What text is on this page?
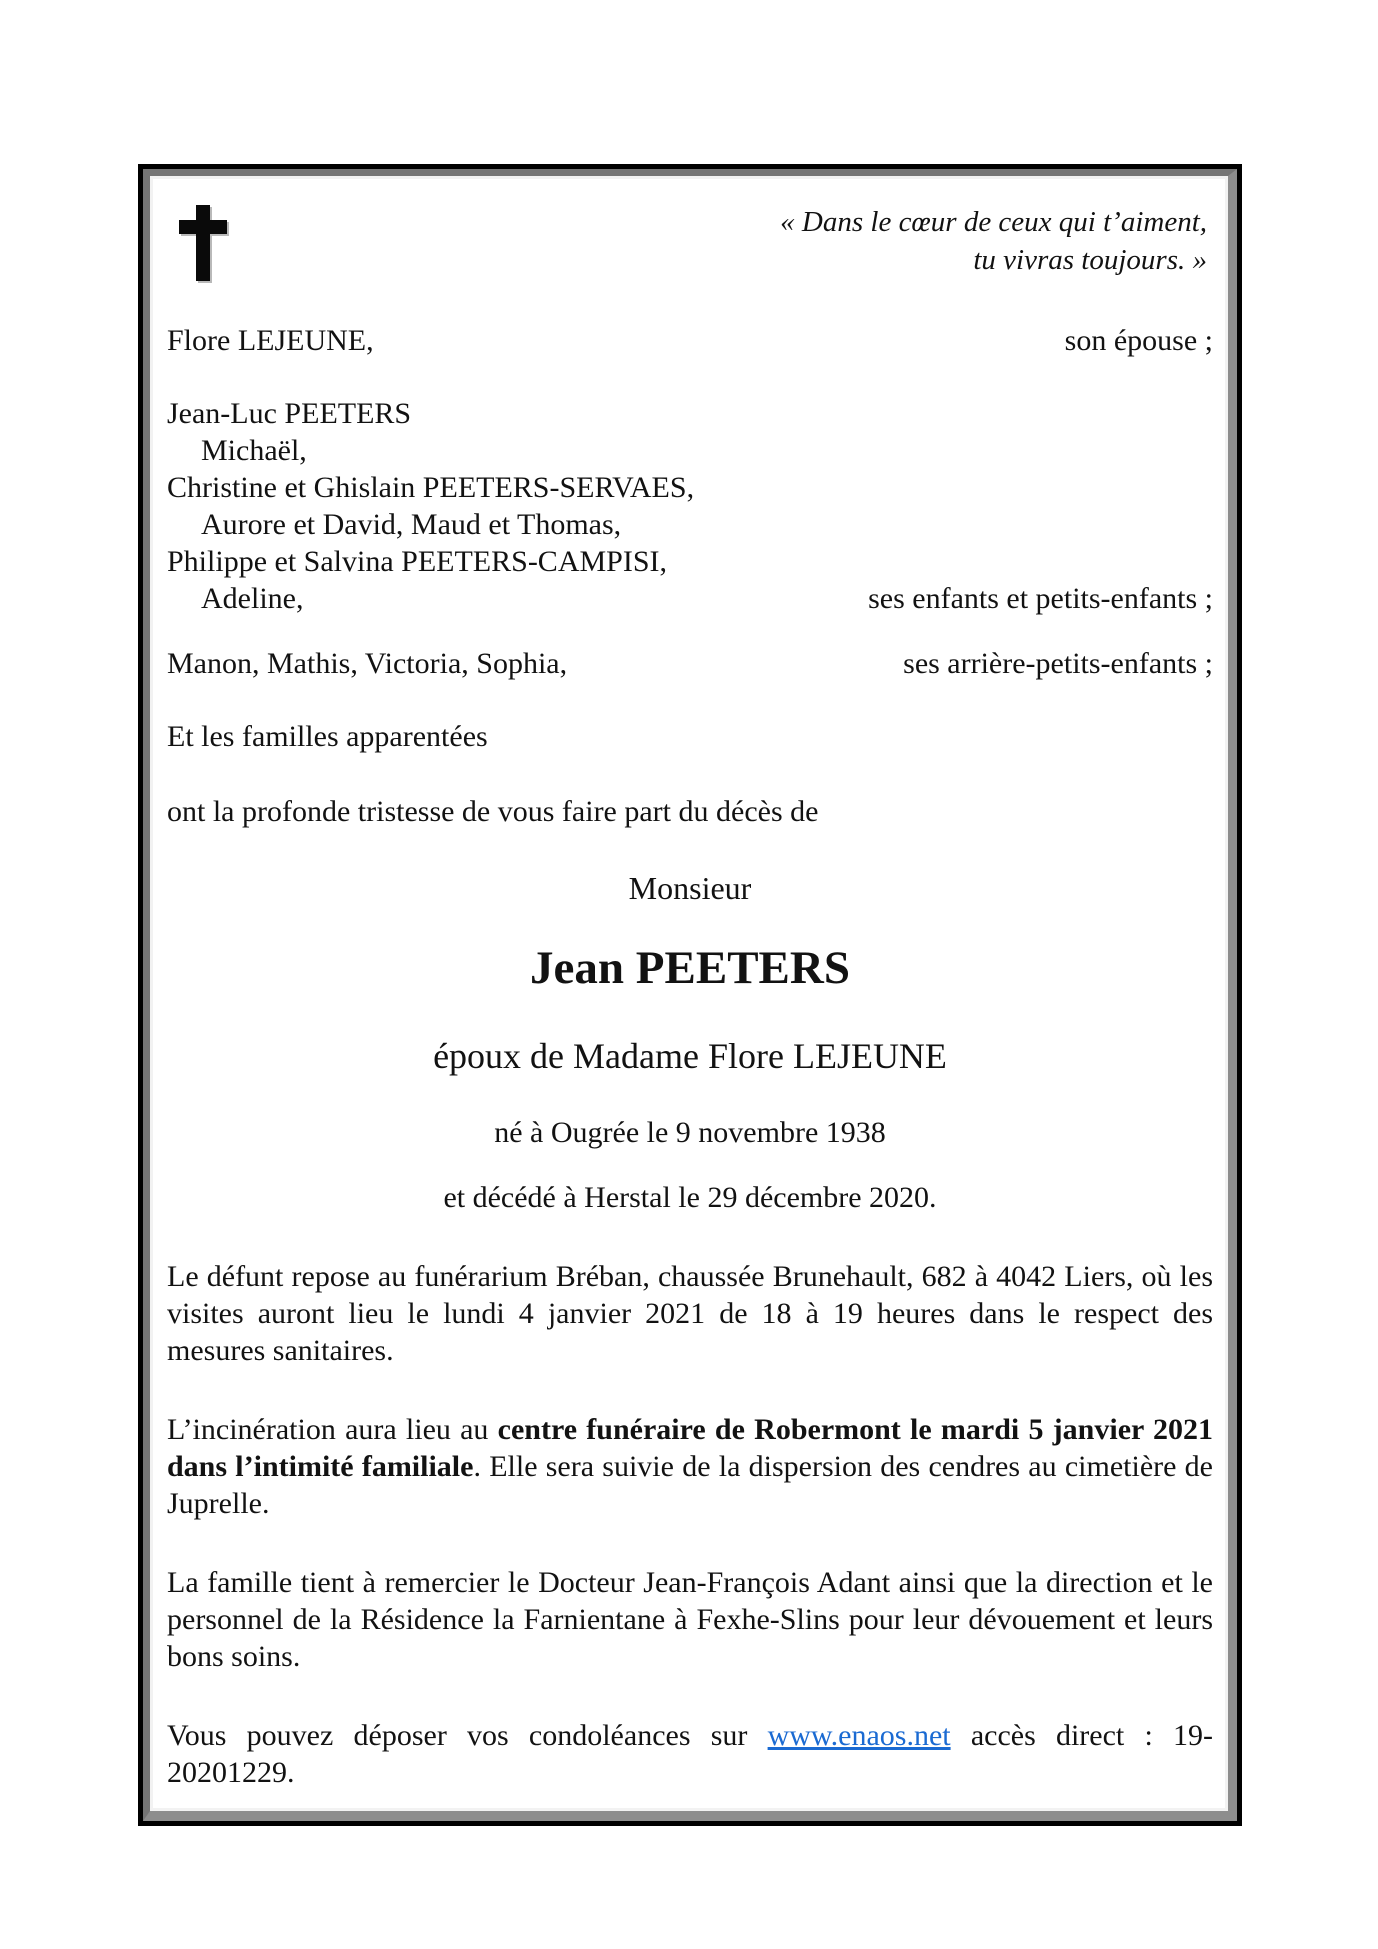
« Dans le cœur de ceux qui t’aiment,
tu vivras toujours. »
Flore LEJEUNE,	son épouse ;
Jean-Luc PEETERS
Michaël,
Christine et Ghislain PEETERS-SERVAES,
Aurore et David, Maud et Thomas,
Philippe et Salvina PEETERS-CAMPISI,
Adeline,	ses enfants et petits-enfants ;
Manon, Mathis, Victoria, Sophia,	ses arrière-petits-enfants ;
Et les familles apparentées
ont la profonde tristesse de vous faire part du décès de
Monsieur
Jean PEETERS
époux de Madame Flore LEJEUNE
né à Ougrée le 9 novembre 1938
et décédé à Herstal le 29 décembre 2020.

Le défunt repose au funérarium Bréban, chaussée Brunehault, 682 à 4042 Liers, où les visites auront lieu le lundi 4 janvier 2021 de 18 à 19 heures dans le respect des mesures sanitaires.

L’incinération aura lieu au centre funéraire de Robermont le mardi 5 janvier 2021 dans l’intimité familiale. Elle sera suivie de la dispersion des cendres au cimetière de Juprelle.

La famille tient à remercier le Docteur Jean-François Adant ainsi que la direction et le personnel de la Résidence la Farnientane à Fexhe-Slins pour leur dévouement et leurs bons soins.

Vous pouvez déposer vos condoléances sur www.enaos.net accès direct : 19-20201229.
